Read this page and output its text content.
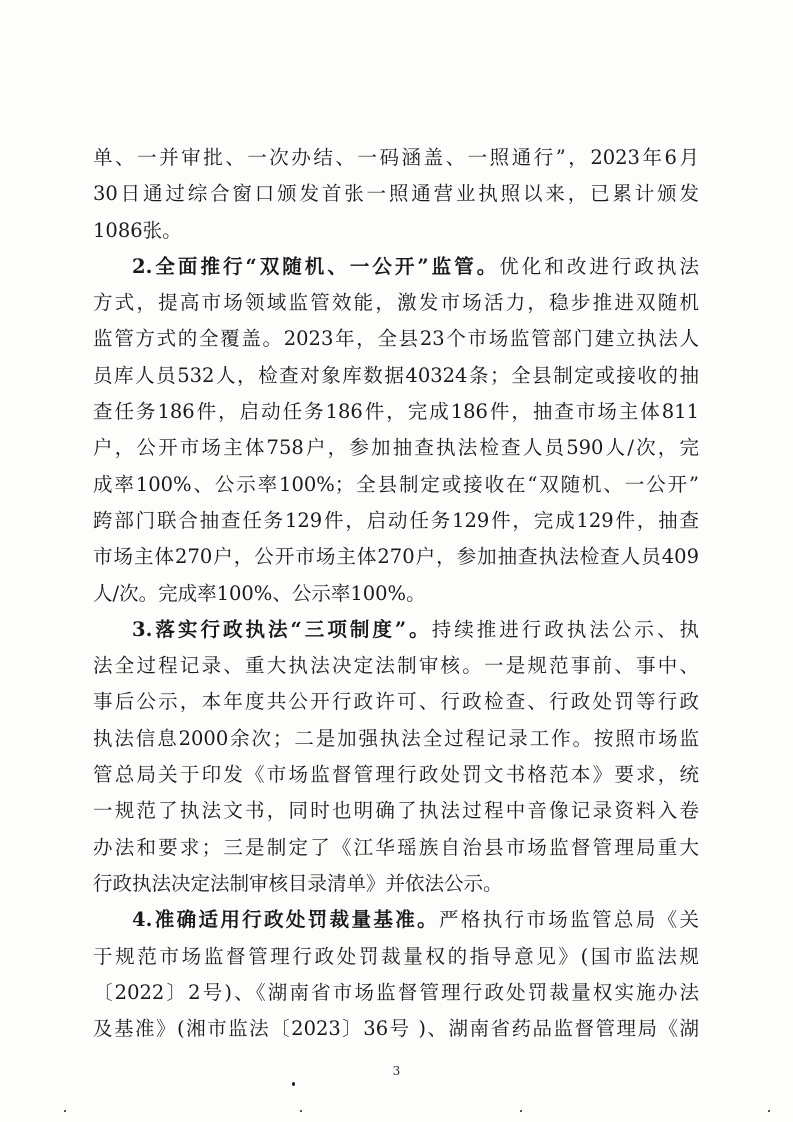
单、一并审批、一次办结、一码涵盖、一照通行”，2023年6月
30日通过综合窗口颁发首张一照通营业执照以来，已累计颁发
1086张。
2.全面推行“双随机、一公开”监管。优化和改进行政执法
方式，提高市场领域监管效能，激发市场活力，稳步推进双随机
监管方式的全覆盖。2023年，全县23个市场监管部门建立执法人
员库人员532人，检查对象库数据40324条；全县制定或接收的抽
查任务186件，启动任务186件，完成186件，抽查市场主体811
户，公开市场主体758户，参加抽查执法检查人员590人/次，完
成率100%、公示率100%；全县制定或接收在“双随机、一公开”
跨部门联合抽查任务129件，启动任务129件，完成129件，抽查
市场主体270户，公开市场主体270户，参加抽查执法检查人员409
人/次。完成率100%、公示率100%。
3.落实行政执法“三项制度”。持续推进行政执法公示、执
法全过程记录、重大执法决定法制审核。一是规范事前、事中、
事后公示，本年度共公开行政许可、行政检查、行政处罚等行政
执法信息2000余次；二是加强执法全过程记录工作。按照市场监
管总局关于印发《市场监督管理行政处罚文书格范本》要求，统
一规范了执法文书，同时也明确了执法过程中音像记录资料入卷
办法和要求；三是制定了《江华瑶族自治县市场监督管理局重大
行政执法决定法制审核目录清单》并依法公示。
4.准确适用行政处罚裁量基准。严格执行市场监管总局《关
于规范市场监督管理行政处罚裁量权的指导意见》(国市监法规
〔2022〕2号)、《湖南省市场监督管理行政处罚裁量权实施办法
及基准》(湘市监法〔2023〕36号 )、湖南省药品监督管理局《湖
3
